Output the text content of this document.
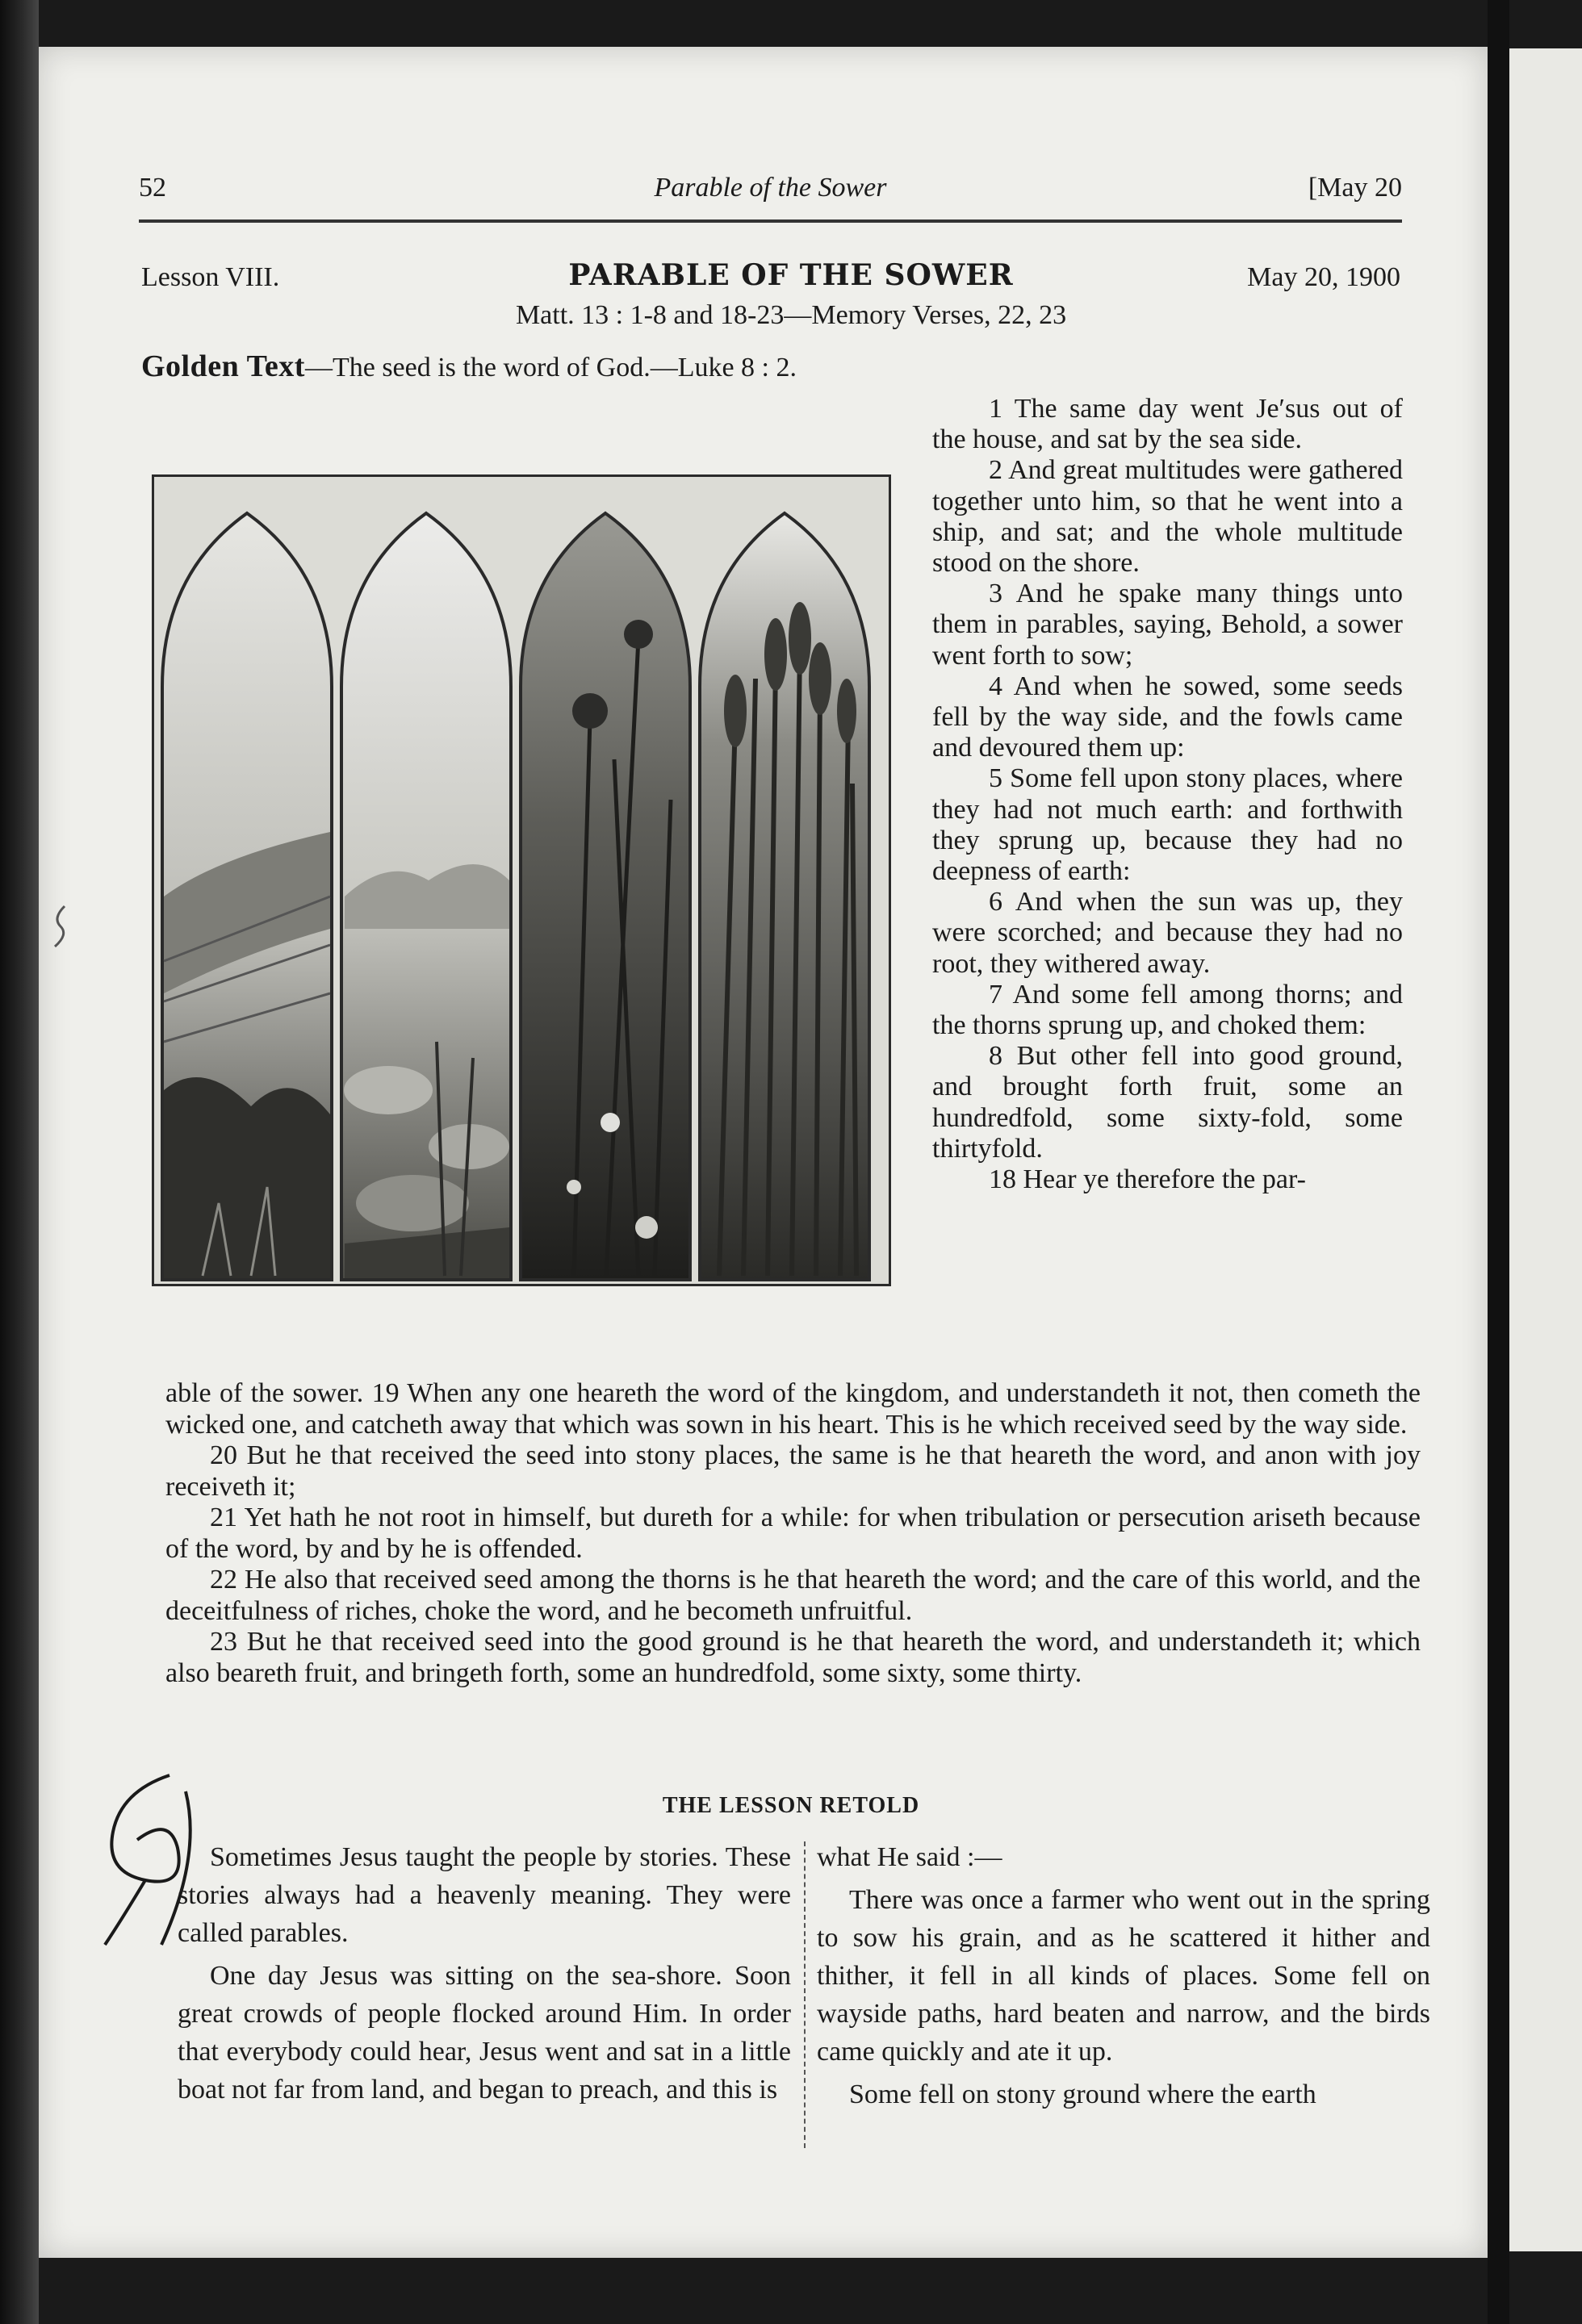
52	Parable of the Sower	[May 20
Lesson VIII.	PARABLE OF THE SOWER	May 20, 1900
Matt. 13 : 1-8 and 18-23—Memory Verses, 22, 23
Golden Text—The seed is the word of God.—Luke 8 : 2.

1 The same day went Je′sus out of the house, and sat by the sea side.

2 And great multitudes were gathered together unto him, so that he went into a ship, and sat; and the whole multitude stood on the shore.

3 And he spake many things unto them in parables, saying, Behold, a sower went forth to sow;

4 And when he sowed, some seeds fell by the way side, and the fowls came and devoured them up:

5 Some fell upon stony places, where they had not much earth: and forthwith they sprung up, because they had no deepness of earth:

6 And when the sun was up, they were scorched; and because they had no root, they withered away.

7 And some fell among thorns; and the thorns sprung up, and choked them:

8 But other fell into good ground, and brought forth fruit, some an hundredfold, some sixty-fold, some thirtyfold.

18 Hear ye therefore the par-

able of the sower. 19 When any one heareth the word of the kingdom, and understandeth it not, then cometh the wicked one, and catcheth away that which was sown in his heart. This is he which received seed by the way side.

20 But he that received the seed into stony places, the same is he that heareth the word, and anon with joy receiveth it;

21 Yet hath he not root in himself, but dureth for a while: for when tribulation or persecution ariseth because of the word, by and by he is offended.

22 He also that received seed among the thorns is he that heareth the word; and the care of this world, and the deceitfulness of riches, choke the word, and he becometh unfruitful.

23 But he that received seed into the good ground is he that heareth the word, and understandeth it; which also beareth fruit, and bringeth forth, some an hundredfold, some sixty, some thirty.

THE LESSON RETOLD

Sometimes Jesus taught the people by stories. These stories always had a heavenly meaning. They were called parables.

One day Jesus was sitting on the sea-shore. Soon great crowds of people flocked around Him. In order that everybody could hear, Jesus went and sat in a little boat not far from land, and began to preach, and this is

what He said :—

There was once a farmer who went out in the spring to sow his grain, and as he scattered it hither and thither, it fell in all kinds of places. Some fell on wayside paths, hard beaten and narrow, and the birds came quickly and ate it up.

Some fell on stony ground where the earth
